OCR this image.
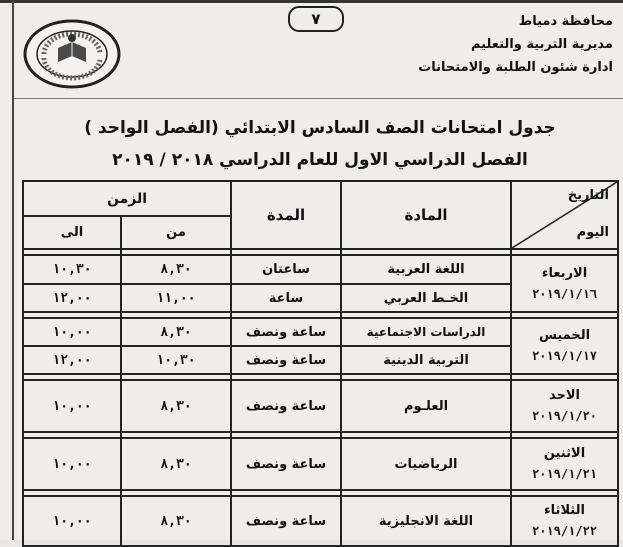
٧	محافظة دمياط
مديرية التربية والتعليم
ادارة شئون الطلبة والامتحانات
جدول امتحانات الصف السادس الابتدائي (الفصل الواحد )
الفصل الدراسي الاول للعام الدراسي ٢٠١٨ / ٢٠١٩
التاريخ
اليوم	المادة	المدة	الزمن	
			من	الى

الاربعاء
٢٠١٩/١/١٦	اللغة العربية	ساعتان	٨,٣٠	١٠,٣٠
	الخـط العربي	ساعة	١١,٠٠	١٢,٠٠

الخميس
٢٠١٩/١/١٧	الدراسات الاجتماعية	ساعة ونصف	٨,٣٠	١٠,٠٠
	التربية الدينية	ساعة ونصف	١٠,٣٠	١٢,٠٠

الاحد
٢٠١٩/١/٢٠	العلـوم	ساعة ونصف	٨,٣٠	١٠,٠٠

الاثنين
٢٠١٩/١/٢١	الرياضيات	ساعة ونصف	٨,٣٠	١٠,٠٠

الثلاثاء
٢٠١٩/١/٢٢	اللغة الانجليزية	ساعة ونصف	٨,٣٠	١٠,٠٠
